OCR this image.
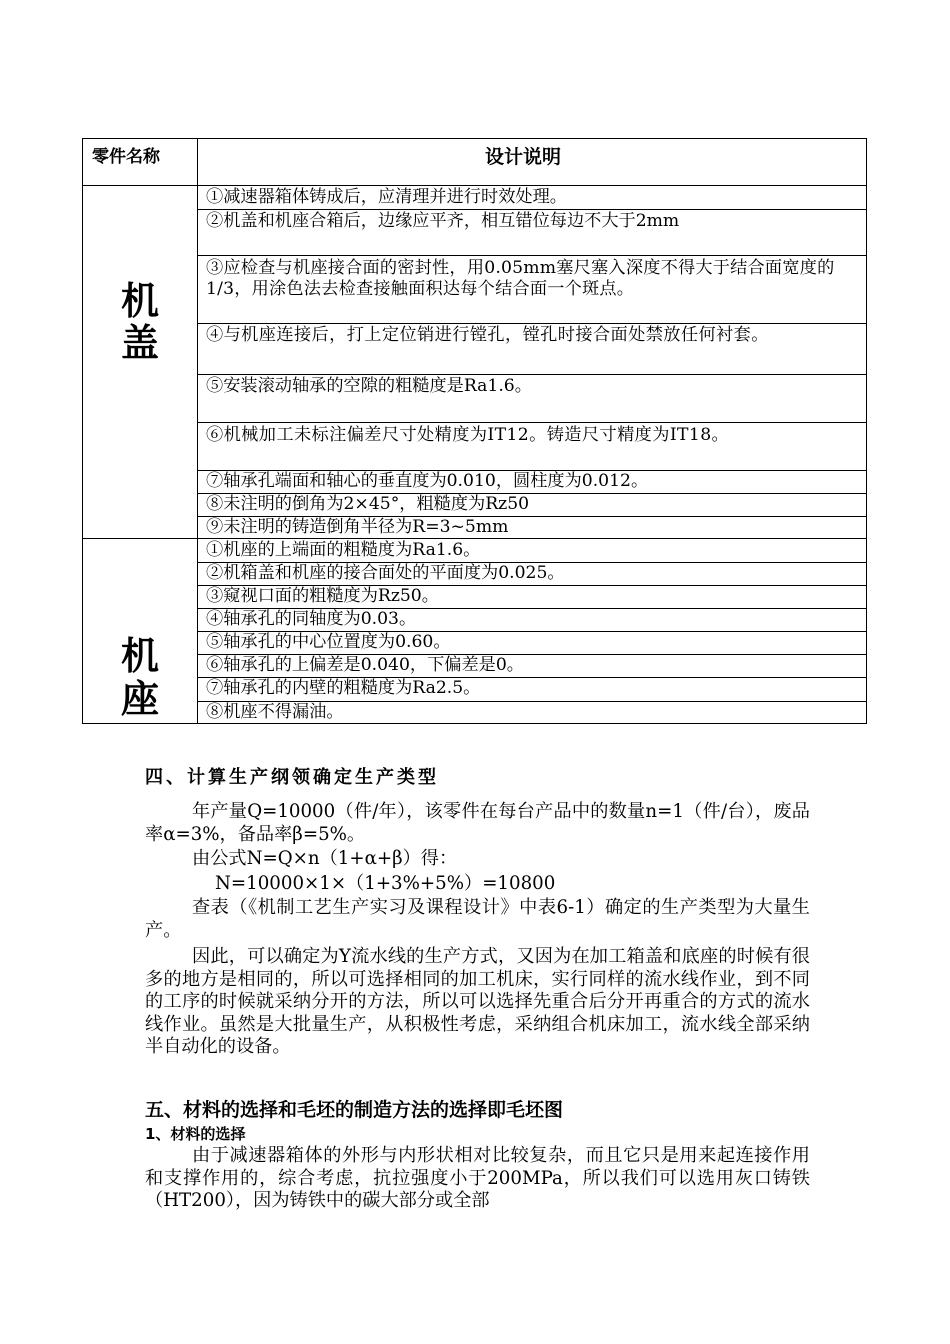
零件名称	设计说明
机
盖
机
座
①减速器箱体铸成后，应清理并进行时效处理。
②机盖和机座合箱后，边缘应平齐，相互错位每边不大于2mm
③应检查与机座接合面的密封性，用0.05mm塞尺塞入深度不得大于结合面宽度的1/3，用涂色法去检查接触面积达每个结合面一个斑点。
④与机座连接后，打上定位销进行镗孔，镗孔时接合面处禁放任何衬套。
⑤安装滚动轴承的空隙的粗糙度是Ra1.6。
⑥机械加工未标注偏差尺寸处精度为IT12。铸造尺寸精度为IT18。
⑦轴承孔端面和轴心的垂直度为0.010，圆柱度为0.012。
⑧未注明的倒角为2×45°，粗糙度为Rz50
⑨未注明的铸造倒角半径为R=3~5mm
①机座的上端面的粗糙度为Ra1.6。
②机箱盖和机座的接合面处的平面度为0.025。
③窥视口面的粗糙度为Rz50。
④轴承孔的同轴度为0.03。
⑤轴承孔的中心位置度为0.60。
⑥轴承孔的上偏差是0.040，下偏差是0。
⑦轴承孔的内壁的粗糙度为Ra2.5。
⑧机座不得漏油。
四、计算生产纲领确定生产类型
年产量Q=10000（件/年），该零件在每台产品中的数量n=1（件/台），废品率α=3%，备品率β=5%。
由公式N=Q×n（1+α+β）得：
N=10000×1×（1+3%+5%）=10800
查表（《机制工艺生产实习及课程设计》中表6-1）确定的生产类型为大量生产。
因此，可以确定为Y流水线的生产方式，又因为在加工箱盖和底座的时候有很多的地方是相同的，所以可选择相同的加工机床，实行同样的流水线作业，到不同的工序的时候就采纳分开的方法，所以可以选择先重合后分开再重合的方式的流水线作业。虽然是大批量生产，从积极性考虑，采纳组合机床加工，流水线全部采纳半自动化的设备。
五、材料的选择和毛坯的制造方法的选择即毛坯图
1、材料的选择
由于减速器箱体的外形与内形状相对比较复杂，而且它只是用来起连接作用和支撑作用的，综合考虑，抗拉强度小于200MPa，所以我们可以选用灰口铸铁（HT200），因为铸铁中的碳大部分或全部
